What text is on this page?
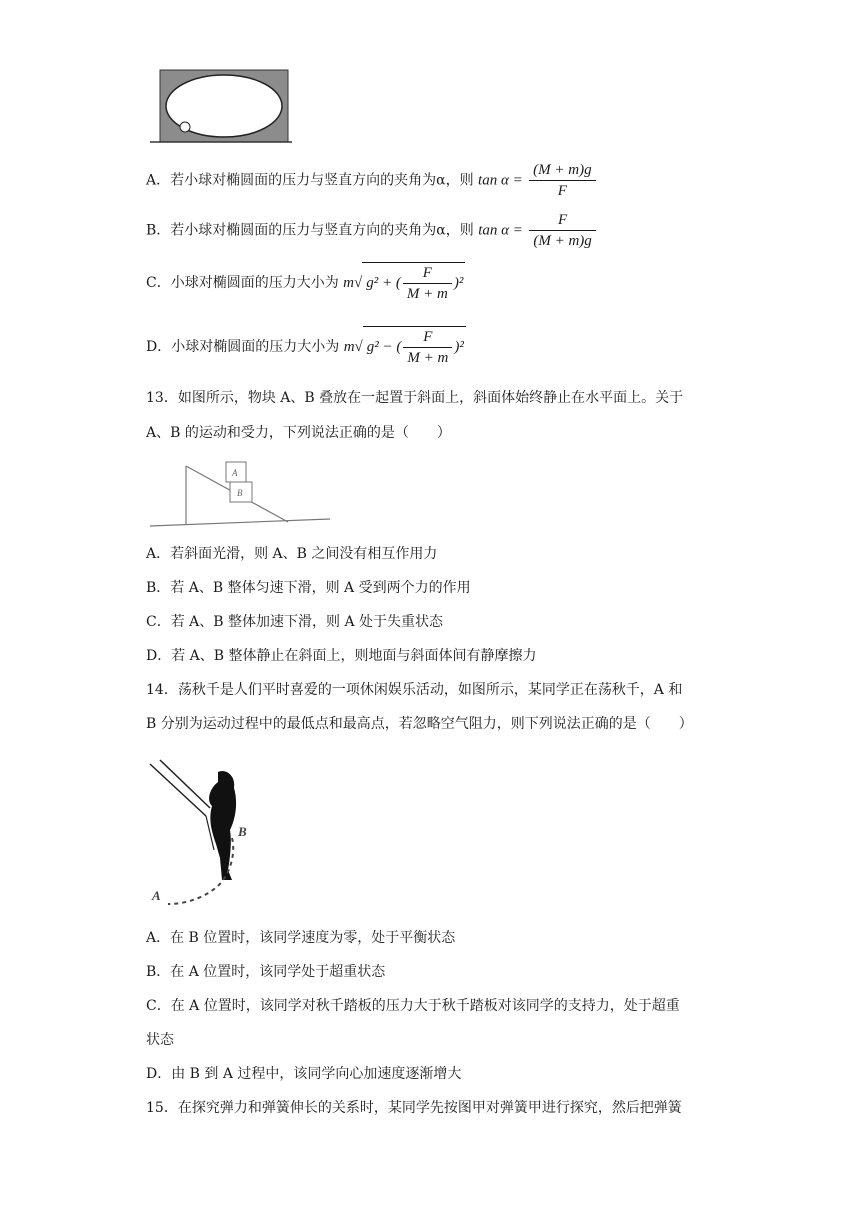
A．若小球对椭圆面的压力与竖直方向的夹角为α，则 $\tan \alpha = \frac{(M + m)g}{F}$
B．若小球对椭圆面的压力与竖直方向的夹角为α，则 $\tan \alpha = \frac{F}{(M + m)g}$
C．小球对椭圆面的压力大小为 m√ g² + ( $\frac{F}{M + m} )^2$
D．小球对椭圆面的压力大小为 m√ g² − ( $\frac{F}{M + m} )^2$
13．如图所示，物块 A、B 叠放在一起置于斜面上，斜面体始终静止在水平面上。关于
A、B 的运动和受力，下列说法正确的是（　　）
A
B
A．若斜面光滑，则 A、B 之间没有相互作用力
B．若 A、B 整体匀速下滑，则 A 受到两个力的作用
C．若 A、B 整体加速下滑，则 A 处于失重状态
D．若 A、B 整体静止在斜面上，则地面与斜面体间有静摩擦力
14．荡秋千是人们平时喜爱的一项休闲娱乐活动，如图所示，某同学正在荡秋千，A 和
B 分别为运动过程中的最低点和最高点，若忽略空气阻力，则下列说法正确的是（　　）
B
A
A．在 B 位置时，该同学速度为零，处于平衡状态
B．在 A 位置时，该同学处于超重状态
C．在 A 位置时，该同学对秋千踏板的压力大于秋千踏板对该同学的支持力，处于超重
状态
D．由 B 到 A 过程中，该同学向心加速度逐渐增大
15．在探究弹力和弹簧伸长的关系时，某同学先按图甲对弹簧甲进行探究，然后把弹簧
